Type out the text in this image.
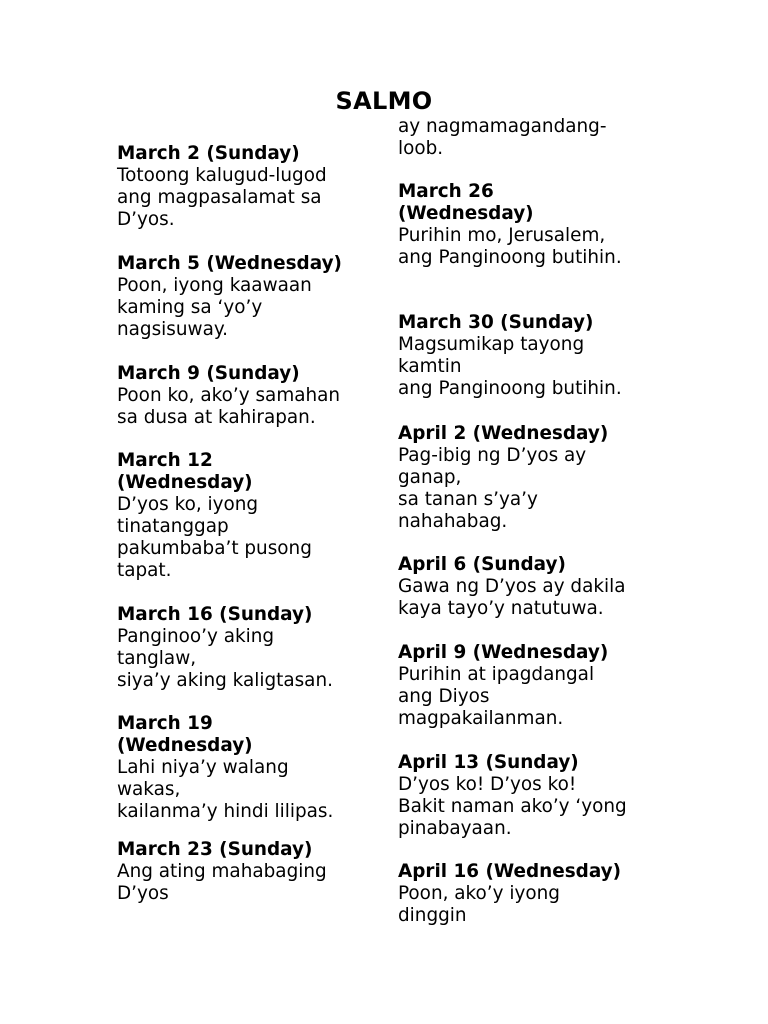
SALMO
March 2 (Sunday)
Totoong kalugud-lugod
ang magpasalamat sa
D’yos.
March 5 (Wednesday)
Poon, iyong kaawaan
kaming sa ‘yo’y
nagsisuway.
March 9 (Sunday)
Poon ko, ako’y samahan
sa dusa at kahirapan.
March 12
(Wednesday)
D’yos ko, iyong
tinatanggap
pakumbaba’t pusong
tapat.
March 16 (Sunday)
Panginoo’y aking
tanglaw,
siya’y aking kaligtasan.
March 19
(Wednesday)
Lahi niya’y walang
wakas,
kailanma’y hindi lilipas.
March 23 (Sunday)
Ang ating mahabaging
D’yos
ay nagmamagandang-
loob.
March 26
(Wednesday)
Purihin mo, Jerusalem,
ang Panginoong butihin.
March 30 (Sunday)
Magsumikap tayong
kamtin
ang Panginoong butihin.
April 2 (Wednesday)
Pag-ibig ng D’yos ay
ganap,
sa tanan s’ya’y
nahahabag.
April 6 (Sunday)
Gawa ng D’yos ay dakila
kaya tayo’y natutuwa.
April 9 (Wednesday)
Purihin at ipagdangal
ang Diyos
magpakailanman.
April 13 (Sunday)
D’yos ko! D’yos ko!
Bakit naman ako’y ‘yong
pinabayaan.
April 16 (Wednesday)
Poon, ako’y iyong
dinggin
